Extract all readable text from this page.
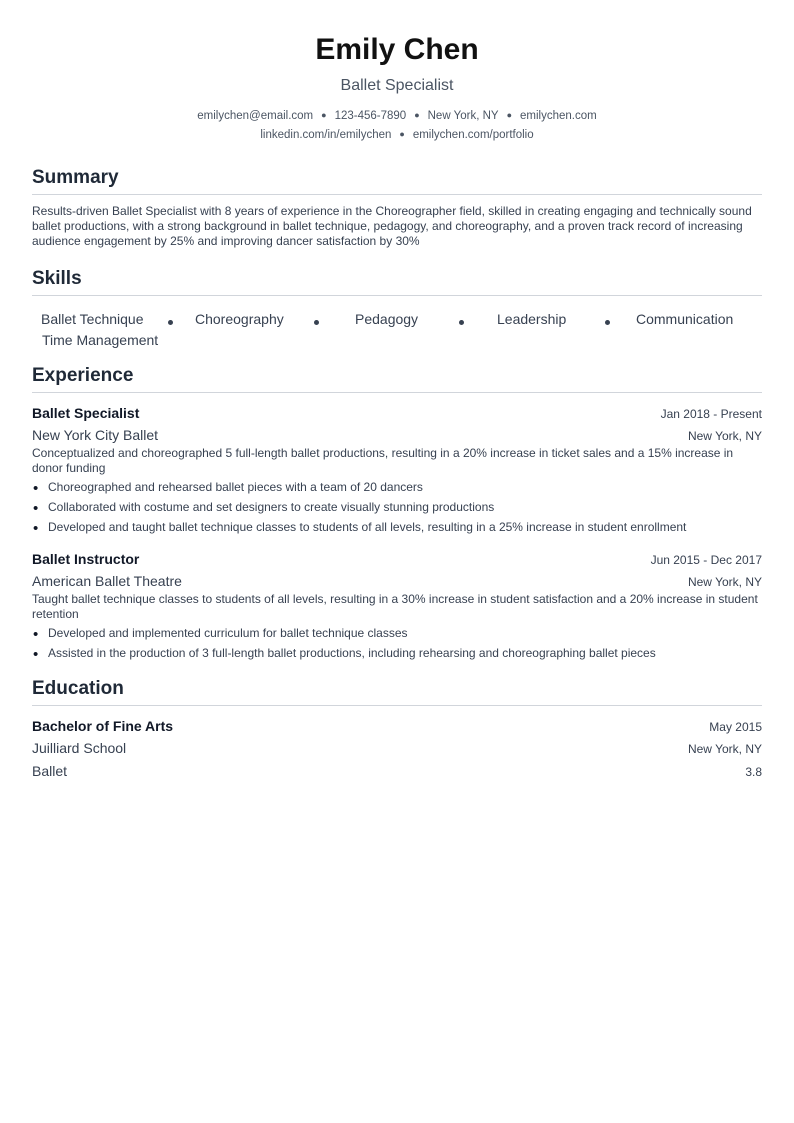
Emily Chen
Ballet Specialist
emilychen@email.com ● 123-456-7890 ● New York, NY ● emilychen.com
linkedin.com/in/emilychen ● emilychen.com/portfolio
Summary
Results-driven Ballet Specialist with 8 years of experience in the Choreographer field, skilled in creating engaging and technically sound ballet productions, with a strong background in ballet technique, pedagogy, and choreography, and a proven track record of increasing audience engagement by 25% and improving dancer satisfaction by 30%
Skills
Ballet Technique	Choreography	Pedagogy	Leadership	Communication
Time Management
Experience
Ballet Specialist	Jan 2018 - Present
New York City Ballet	New York, NY
Conceptualized and choreographed 5 full-length ballet productions, resulting in a 20% increase in ticket sales and a 15% increase in donor funding
• Choreographed and rehearsed ballet pieces with a team of 20 dancers
• Collaborated with costume and set designers to create visually stunning productions
• Developed and taught ballet technique classes to students of all levels, resulting in a 25% increase in student enrollment
Ballet Instructor	Jun 2015 - Dec 2017
American Ballet Theatre	New York, NY
Taught ballet technique classes to students of all levels, resulting in a 30% increase in student satisfaction and a 20% increase in student retention
• Developed and implemented curriculum for ballet technique classes
• Assisted in the production of 3 full-length ballet productions, including rehearsing and choreographing ballet pieces
Education
Bachelor of Fine Arts	May 2015
Juilliard School	New York, NY
Ballet	3.8
